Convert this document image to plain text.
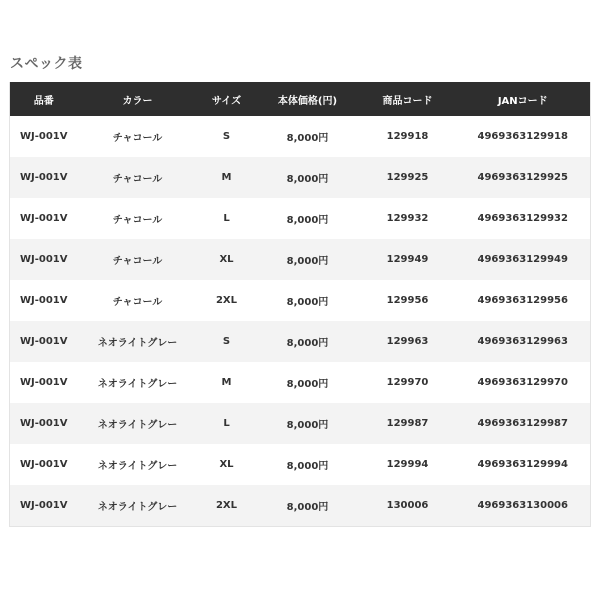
スペック表
品番	カラー	サイズ	本体価格(円)	商品コード	JANコード
WJ-001V	チャコール	S	8,000円	129918	4969363129918
WJ-001V	チャコール	M	8,000円	129925	4969363129925
WJ-001V	チャコール	L	8,000円	129932	4969363129932
WJ-001V	チャコール	XL	8,000円	129949	4969363129949
WJ-001V	チャコール	2XL	8,000円	129956	4969363129956
WJ-001V	ネオライトグレー	S	8,000円	129963	4969363129963
WJ-001V	ネオライトグレー	M	8,000円	129970	4969363129970
WJ-001V	ネオライトグレー	L	8,000円	129987	4969363129987
WJ-001V	ネオライトグレー	XL	8,000円	129994	4969363129994
WJ-001V	ネオライトグレー	2XL	8,000円	130006	4969363130006
